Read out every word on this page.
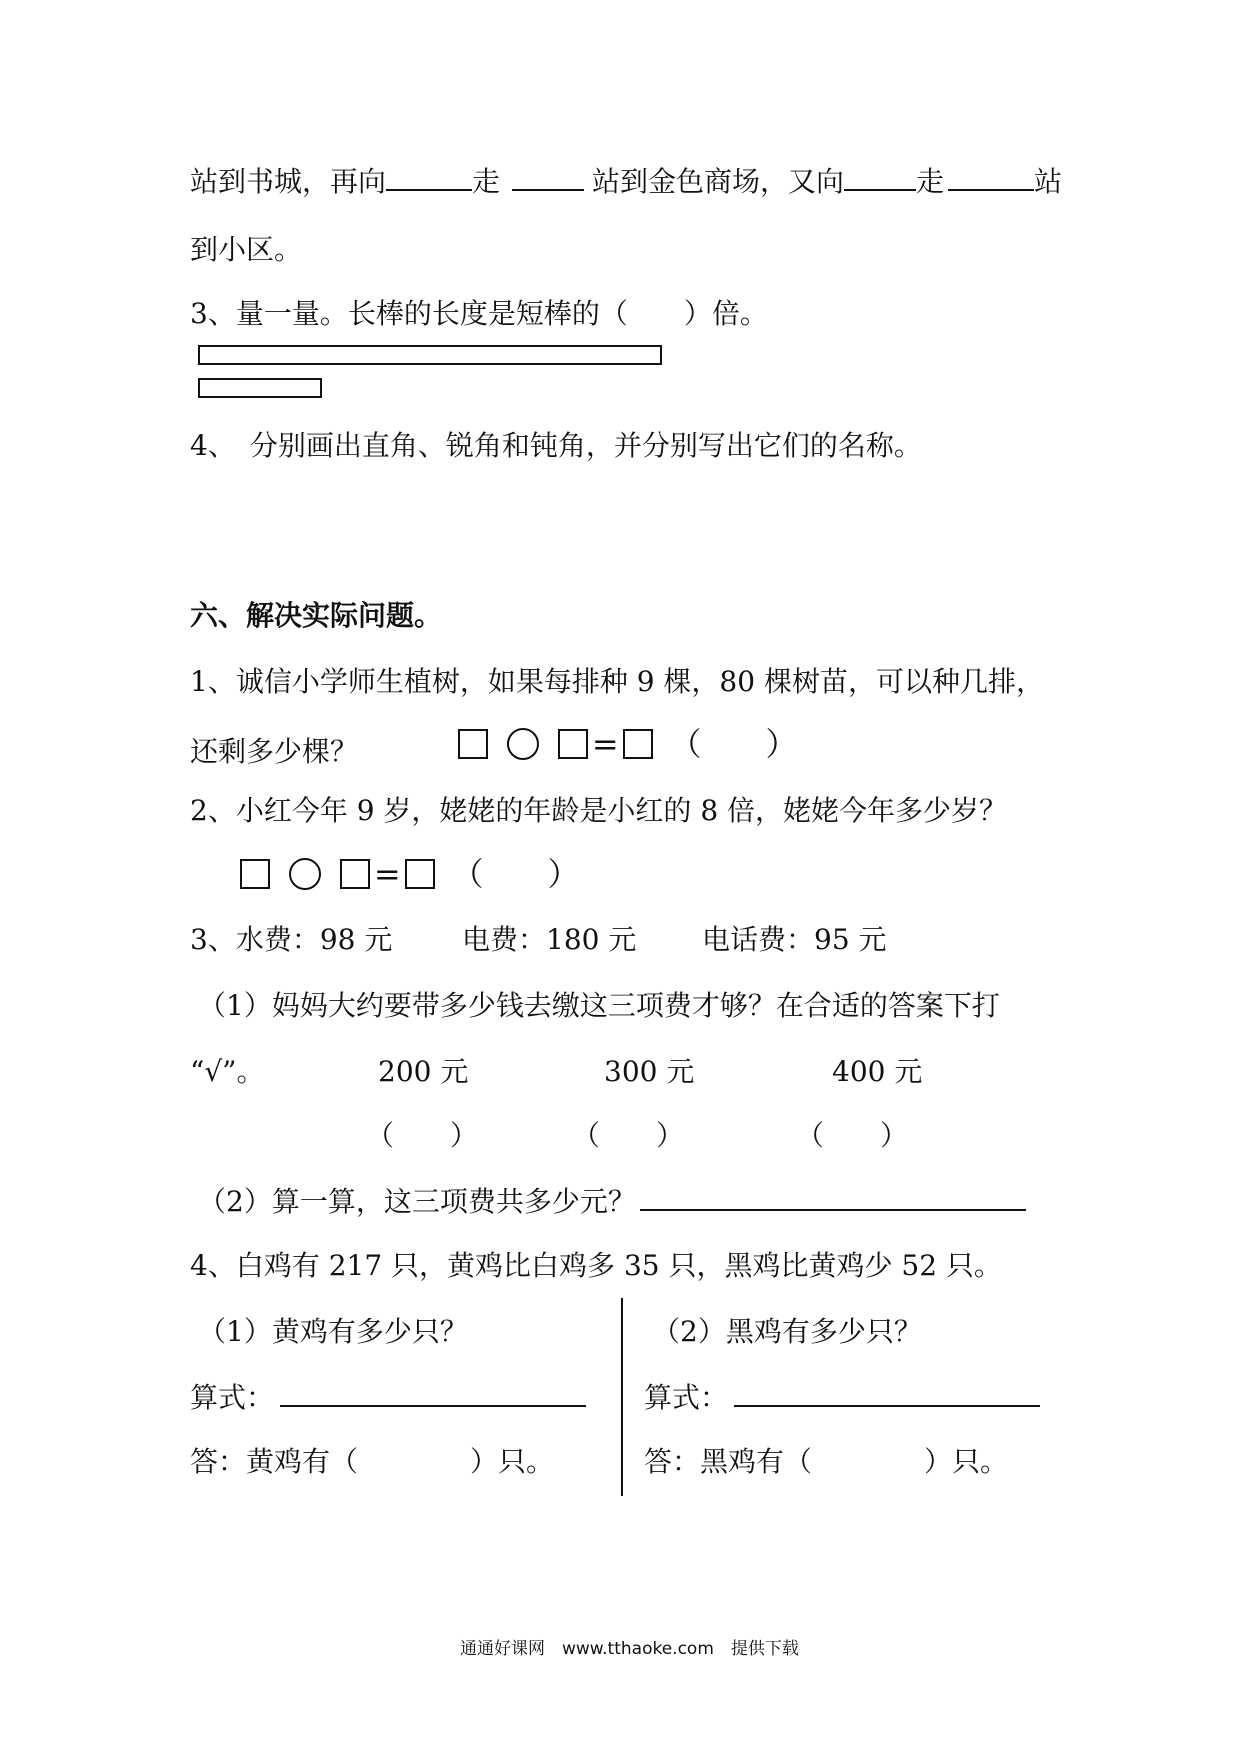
站到书城，再向	走	站到金色商场，又向	走	站
到小区。
3、量一量。长棒的长度是短棒的（　　）倍。
4、　分别画出直角、锐角和钝角，并分别写出它们的名称。
六、解决实际问题。
1、诚信小学师生植树，如果每排种 9 棵，80 棵树苗，可以种几排，
还剩多少棵？	= （　　）
2、小红今年 9 岁，姥姥的年龄是小红的 8 倍，姥姥今年多少岁？
= （　　）
3、水费：98 元 电费：180 元 电话费：95 元
（1）妈妈大约要带多少钱去缴这三项费才够？在合适的答案下打
“√”。	200 元	300 元	400 元
（　　）	（　　）	（　　）
（2）算一算，这三项费共多少元？
4、白鸡有 217 只，黄鸡比白鸡多 35 只，黑鸡比黄鸡少 52 只。
（1）黄鸡有多少只？
算式：
答：黄鸡有（　　　　）只。
（2）黑鸡有多少只？
算式：
答：黑鸡有（　　　　）只。
通通好课网　www.tthaoke.com　提供下载
